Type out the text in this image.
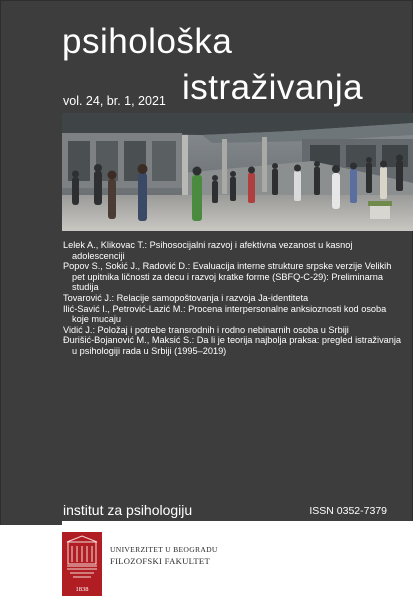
psihološka
vol. 24, br. 1, 2021 istraživanja

Lelek A., Klikovac T.: Psihosocijalni razvoj i afektivna vezanost u kasnoj adolescenciji

Popov S., Sokić J., Radović D.: Evaluacija interne strukture srpske verzije Velikih pet upitnika ličnosti za decu i razvoj kratke forme (SBFQ-C-29): Preliminarna studija

Tovarović J.: Relacije samopoštovanja i razvoja Ja-identiteta

Ilić-Savić I., Petrović-Lazić M.: Procena interpersonalne anksioznosti kod osoba koje mucaju

Vidić J.: Položaj i potrebe transrodnih i rodno nebinarnih osoba u Srbiji

Đurišić-Bojanović M., Maksić S.: Da li je teorija najbolja praksa: pregled istraživanja u psihologiji rada u Srbiji (1995–2019)

institut za psihologiju	ISSN 0352-7379
1838
UNIVERZITET U BEOGRADU
FILOZOFSKI FAKULTET
